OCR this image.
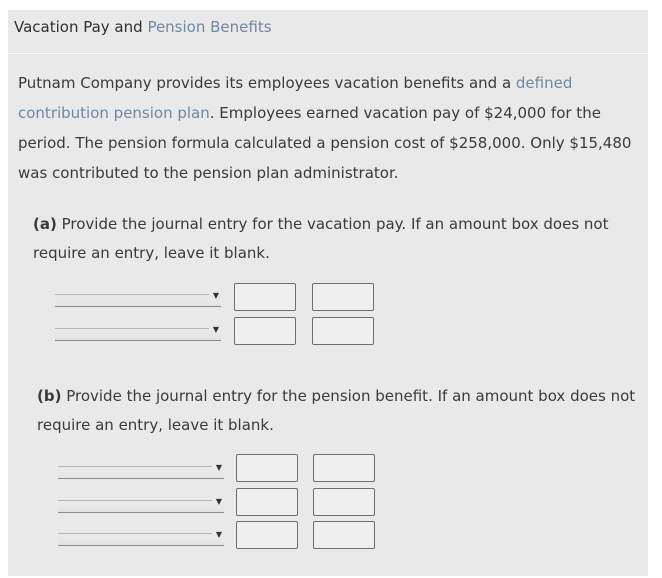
Vacation Pay and Pension Benefits
Putnam Company provides its employees vacation benefits and a defined contribution pension plan. Employees earned vacation pay of $24,000 for the period. The pension formula calculated a pension cost of $258,000. Only $15,480 was contributed to the pension plan administrator.
(a) Provide the journal entry for the vacation pay. If an amount box does not require an entry, leave it blank.
▼
▼
(b) Provide the journal entry for the pension benefit. If an amount box does not require an entry, leave it blank.
▼
▼
▼
